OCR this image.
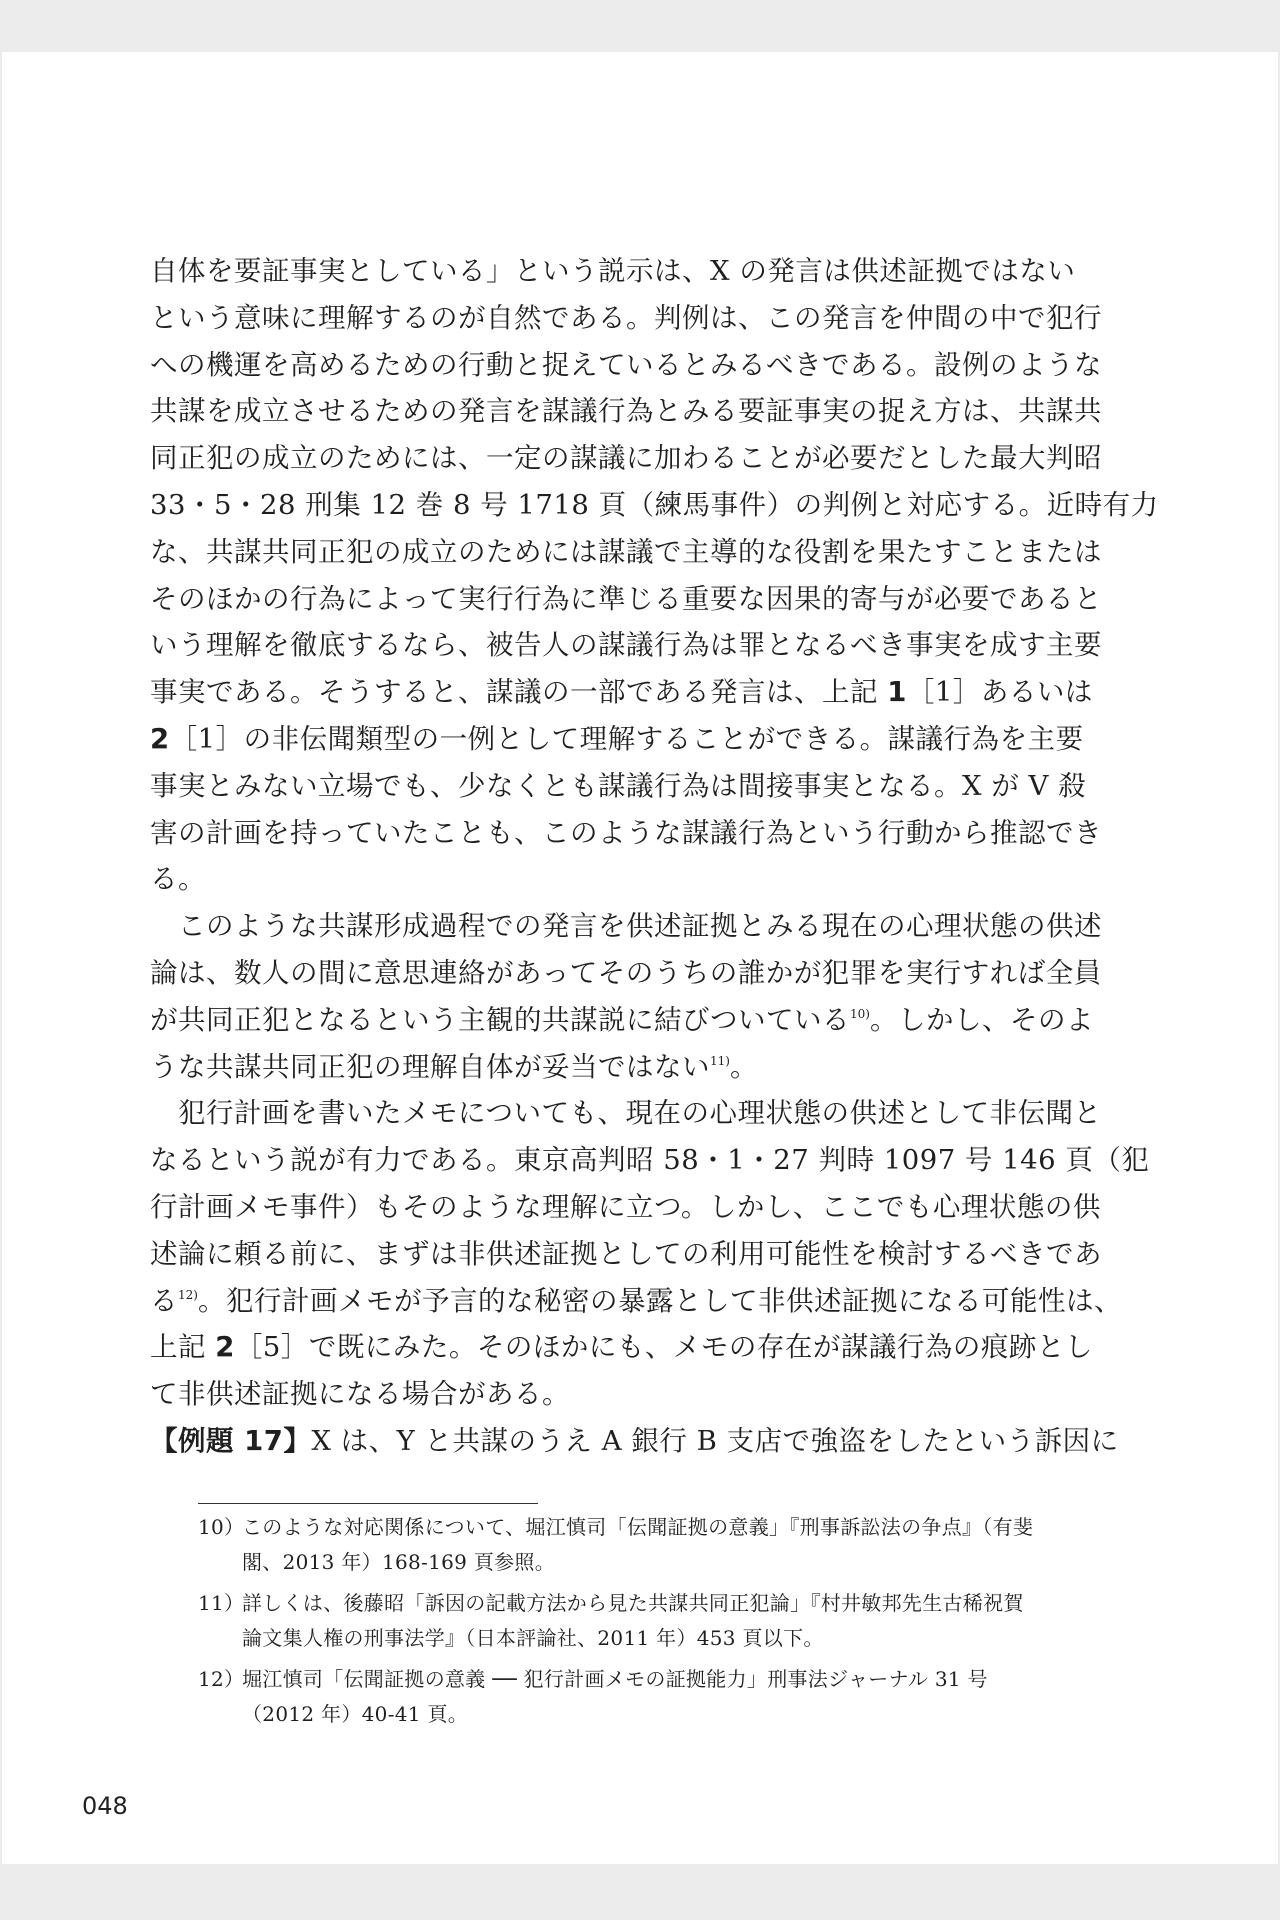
自体を要証事実としている」という説示は、X の発言は供述証拠ではない
という意味に理解するのが自然である。判例は、この発言を仲間の中で犯行
への機運を高めるための行動と捉えているとみるべきである。設例のような
共謀を成立させるための発言を謀議行為とみる要証事実の捉え方は、共謀共
同正犯の成立のためには、一定の謀議に加わることが必要だとした最大判昭
33・5・28 刑集 12 巻 8 号 1718 頁（練馬事件）の判例と対応する。近時有力
な、共謀共同正犯の成立のためには謀議で主導的な役割を果たすことまたは
そのほかの行為によって実行行為に準じる重要な因果的寄与が必要であると
いう理解を徹底するなら、被告人の謀議行為は罪となるべき事実を成す主要
事実である。そうすると、謀議の一部である発言は、上記 1［1］あるいは
2［1］の非伝聞類型の一例として理解することができる。謀議行為を主要
事実とみない立場でも、少なくとも謀議行為は間接事実となる。X が V 殺
害の計画を持っていたことも、このような謀議行為という行動から推認でき
る。
　このような共謀形成過程での発言を供述証拠とみる現在の心理状態の供述
論は、数人の間に意思連絡があってそのうちの誰かが犯罪を実行すれば全員
が共同正犯となるという主観的共謀説に結びついている$^{10)}$。しかし、そのよ
うな共謀共同正犯の理解自体が妥当ではない$^{11)}$。
　犯行計画を書いたメモについても、現在の心理状態の供述として非伝聞と
なるという説が有力である。東京高判昭 58・1・27 判時 1097 号 146 頁（犯
行計画メモ事件）もそのような理解に立つ。しかし、ここでも心理状態の供
述論に頼る前に、まずは非供述証拠としての利用可能性を検討するべきであ
る$^{12)}$。犯行計画メモが予言的な秘密の暴露として非供述証拠になる可能性は、
上記 2［5］で既にみた。そのほかにも、メモの存在が謀議行為の痕跡とし
て非供述証拠になる場合がある。
【例題 17】X は、Y と共謀のうえ A 銀行 B 支店で強盗をしたという訴因に
10）このような対応関係について、堀江慎司「伝聞証拠の意義」『刑事訴訟法の争点』（有斐
閣、2013 年）168-169 頁参照。
11）詳しくは、後藤昭「訴因の記載方法から見た共謀共同正犯論」『村井敏邦先生古稀祝賀
論文集人権の刑事法学』（日本評論社、2011 年）453 頁以下。
12）堀江慎司「伝聞証拠の意義 ── 犯行計画メモの証拠能力」刑事法ジャーナル 31 号
（2012 年）40-41 頁。
048
